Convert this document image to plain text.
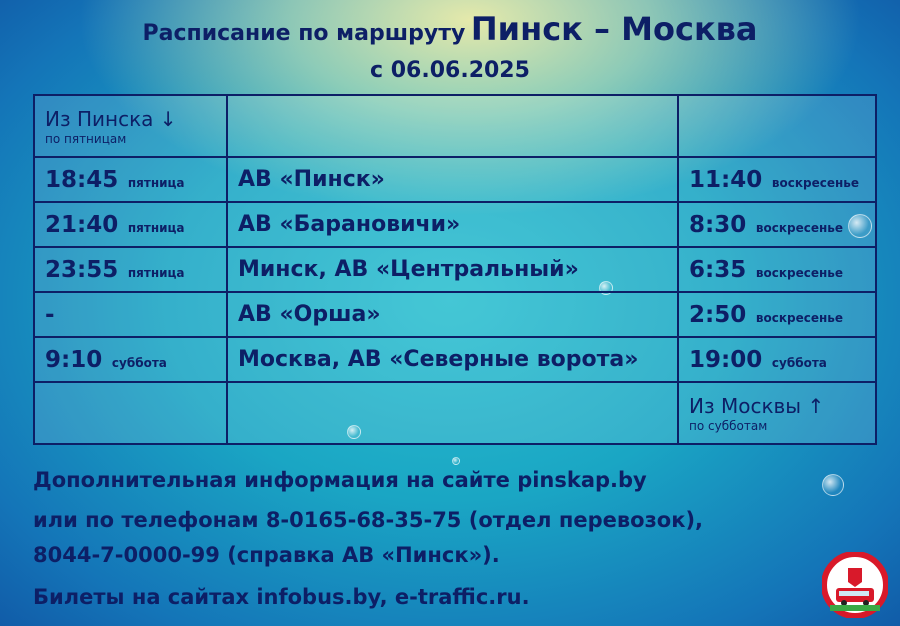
Расписание по маршруту Пинск – Москва
с 06.06.2025
Из Пинска ↓
по пятницам		

18:45 пятница	АВ «Пинск»	11:40 воскресенье
21:40 пятница	АВ «Барановичи»	8:30 воскресенье
23:55 пятница	Минск, АВ «Центральный»	6:35 воскресенье
-	АВ «Орша»	2:50 воскресенье
9:10 суббота	Москва, АВ «Северные ворота»	19:00 суббота
		Из Москвы ↑
по субботам
Дополнительная информация на сайте pinskap.by
или по телефонам 8-0165-68-35-75 (отдел перевозок),
8044-7-0000-99 (справка АВ «Пинск»).
Билеты на сайтах infobus.by, e-traffic.ru.
